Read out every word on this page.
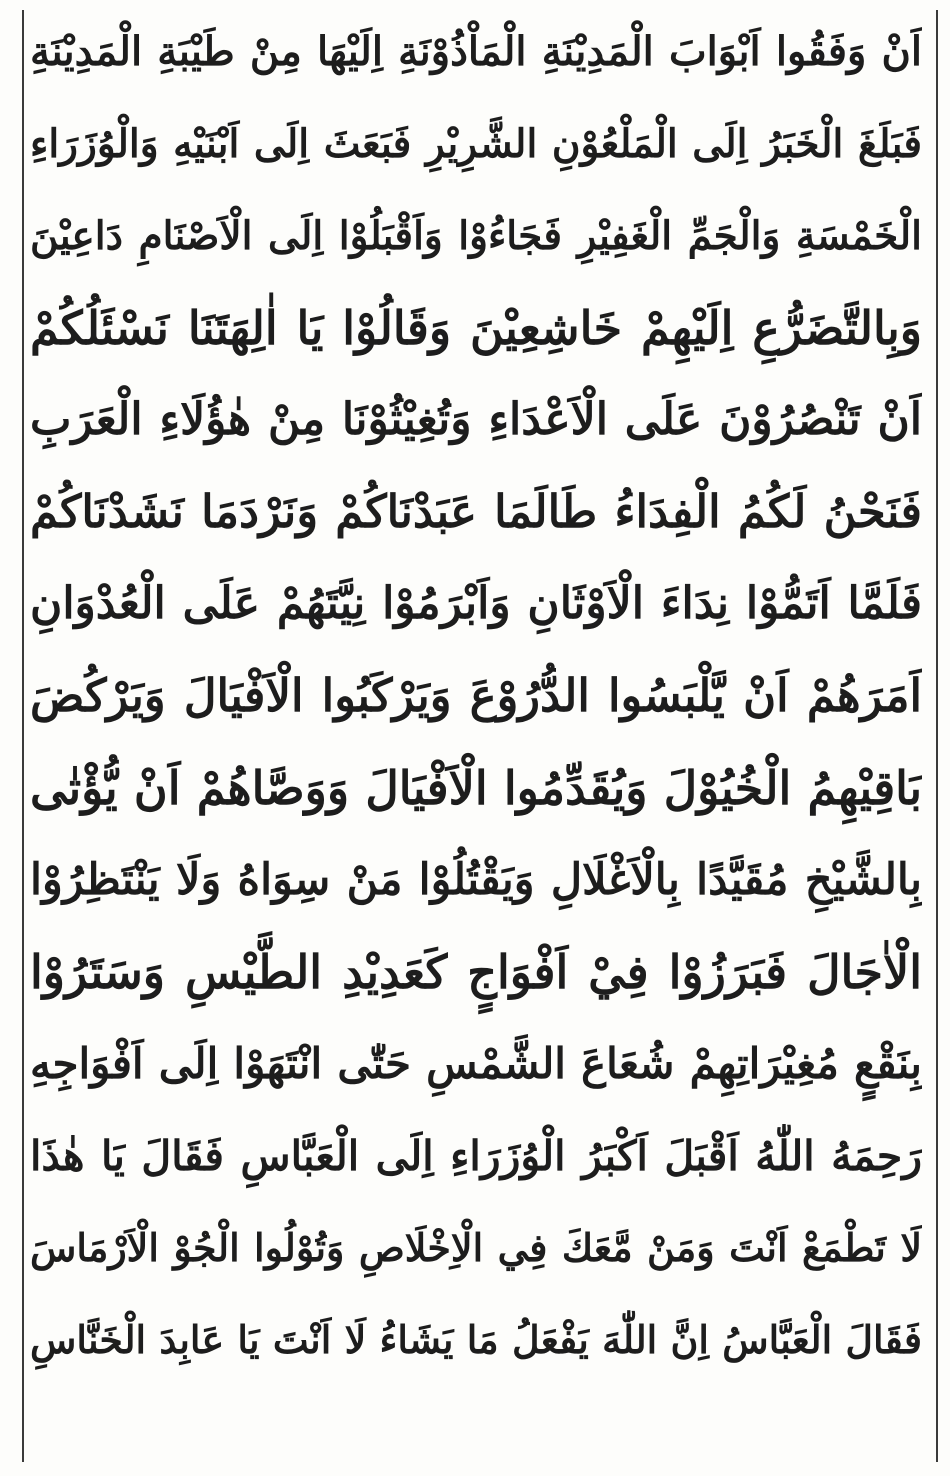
اَنْ وَفَقُوا اَبْوَابَ الْمَدِيْنَةِ الْمَاْذُوْنَةِ اِلَيْهَا مِنْ طَيْبَةِ الْمَدِيْنَةِ
فَبَلَغَ الْخَبَرُ اِلَى الْمَلْعُوْنِ الشَّرِيْرِ فَبَعَثَ اِلَى اَبْنَيْهِ وَالْوُزَرَاءِ
الْخَمْسَةِ وَالْجَمِّ الْغَفِيْرِ فَجَاءُوْا وَاَقْبَلُوْا اِلَى الْاَصْنَامِ دَاعِيْنَ
وَبِالتَّضَرُّعِ اِلَيْهِمْ خَاشِعِيْنَ وَقَالُوْا يَا اٰلِهَتَنَا نَسْئَلُكُمْ
اَنْ تَنْصُرُوْنَ عَلَى الْاَعْدَاءِ وَتُغِيْثُوْنَا مِنْ هٰؤُلَاءِ الْعَرَبِ
فَنَحْنُ لَكُمُ الْفِدَاءُ طَالَمَا عَبَدْنَاكُمْ وَنَرْدَمَا نَشَدْنَاكُمْ
فَلَمَّا اَتَمُّوْا نِدَاءَ الْاَوْثَانِ وَاَبْرَمُوْا نِيَّتَهُمْ عَلَى الْعُدْوَانِ
اَمَرَهُمْ اَنْ يَّلْبَسُوا الدُّرُوْعَ وَيَرْكَبُوا الْاَفْيَالَ وَيَرْكُضَ
بَاقِيْهِمُ الْخُيُوْلَ وَيُقَدِّمُوا الْاَفْيَالَ وَوَصَّاهُمْ اَنْ يُّؤْتٰى
بِالشَّيْخِ مُقَيَّدًا بِالْاَغْلَالِ وَيَقْتُلُوْا مَنْ سِوَاهُ وَلَا يَنْتَظِرُوْا
الْاٰجَالَ فَبَرَزُوْا فِيْ اَفْوَاجٍ كَعَدِيْدِ الطَّيْسِ وَسَتَرُوْا
بِنَقْعٍ مُغِيْرَاتِهِمْ شُعَاعَ الشَّمْسِ حَتّٰى انْتَهَوْا اِلَى اَفْوَاجِهِ
رَحِمَهُ اللّٰهُ اَقْبَلَ اَكْبَرُ الْوُزَرَاءِ اِلَى الْعَبَّاسِ فَقَالَ يَا هٰذَا
لَا تَطْمَعْ اَنْتَ وَمَنْ مَّعَكَ فِي الْاِخْلَاصِ وَتُوْلُوا الْجُوْ الْاَرْمَاسَ
فَقَالَ الْعَبَّاسُ اِنَّ اللّٰهَ يَفْعَلُ مَا يَشَاءُ لَا اَنْتَ يَا عَابِدَ الْخَنَّاسِ
